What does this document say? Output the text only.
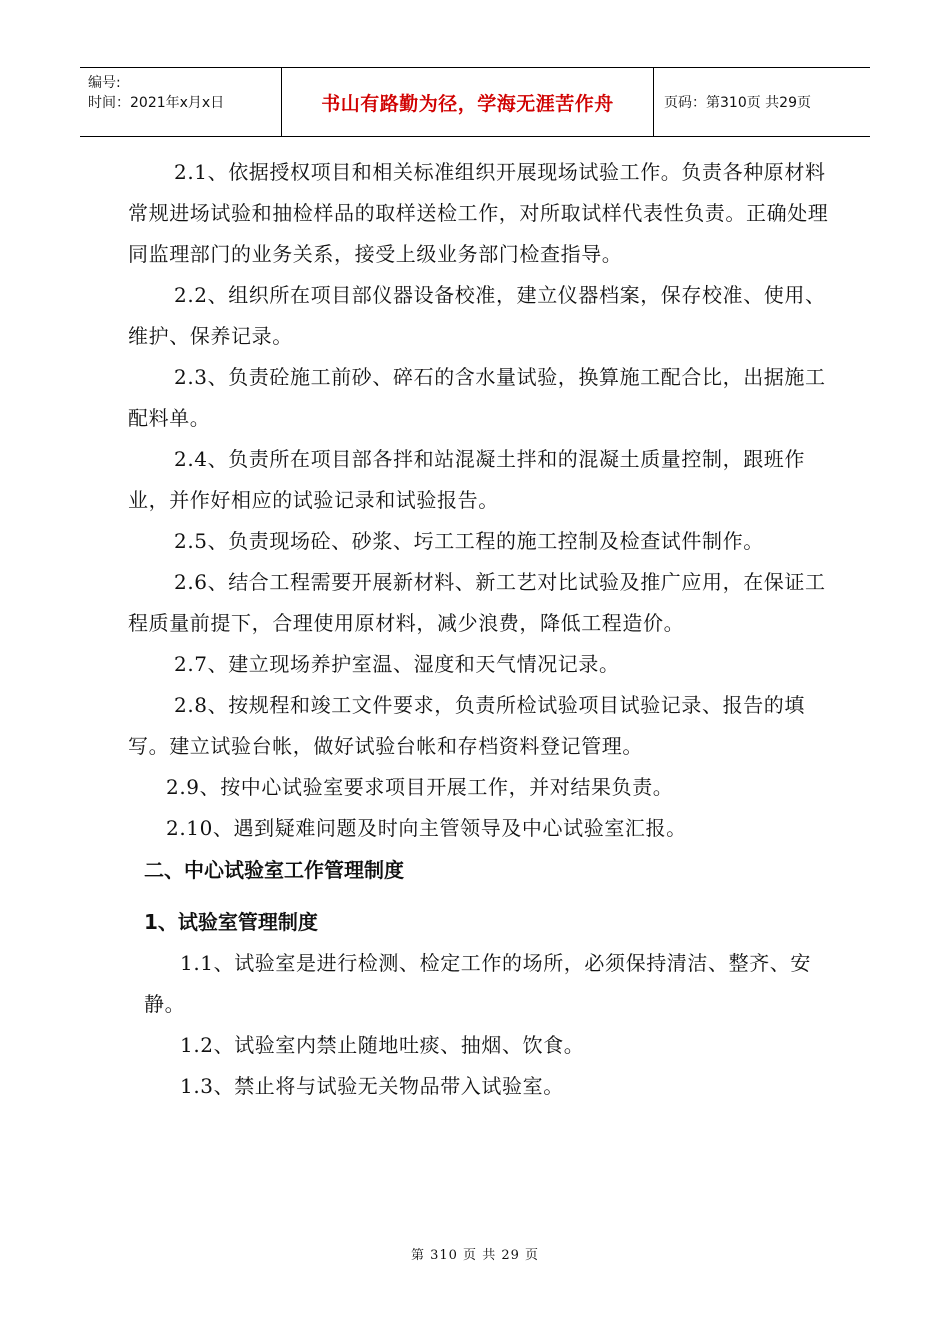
编号:
时间：2021年x月x日	书山有路勤为径，学海无涯苦作舟	页码：第310页 共29页

2.1、依据授权项目和相关标准组织开展现场试验工作。负责各种原材料常规进场试验和抽检样品的取样送检工作，对所取试样代表性负责。正确处理同监理部门的业务关系，接受上级业务部门检查指导。

2.2、组织所在项目部仪器设备校准，建立仪器档案，保存校准、使用、维护、保养记录。

2.3、负责砼施工前砂、碎石的含水量试验，换算施工配合比，出据施工配料单。

2.4、负责所在项目部各拌和站混凝土拌和的混凝土质量控制，跟班作业，并作好相应的试验记录和试验报告。

2.5、负责现场砼、砂浆、圬工工程的施工控制及检查试件制作。

2.6、结合工程需要开展新材料、新工艺对比试验及推广应用，在保证工程质量前提下，合理使用原材料，减少浪费，降低工程造价。

2.7、建立现场养护室温、湿度和天气情况记录。

2.8、按规程和竣工文件要求，负责所检试验项目试验记录、报告的填写。建立试验台帐，做好试验台帐和存档资料登记管理。

2.9、按中心试验室要求项目开展工作，并对结果负责。

2.10、遇到疑难问题及时向主管领导及中心试验室汇报。

二、中心试验室工作管理制度
1、试验室管理制度

1.1、试验室是进行检测、检定工作的场所，必须保持清洁、整齐、安静。

1.2、试验室内禁止随地吐痰、抽烟、饮食。

1.3、禁止将与试验无关物品带入试验室。

第 310 页 共 29 页
